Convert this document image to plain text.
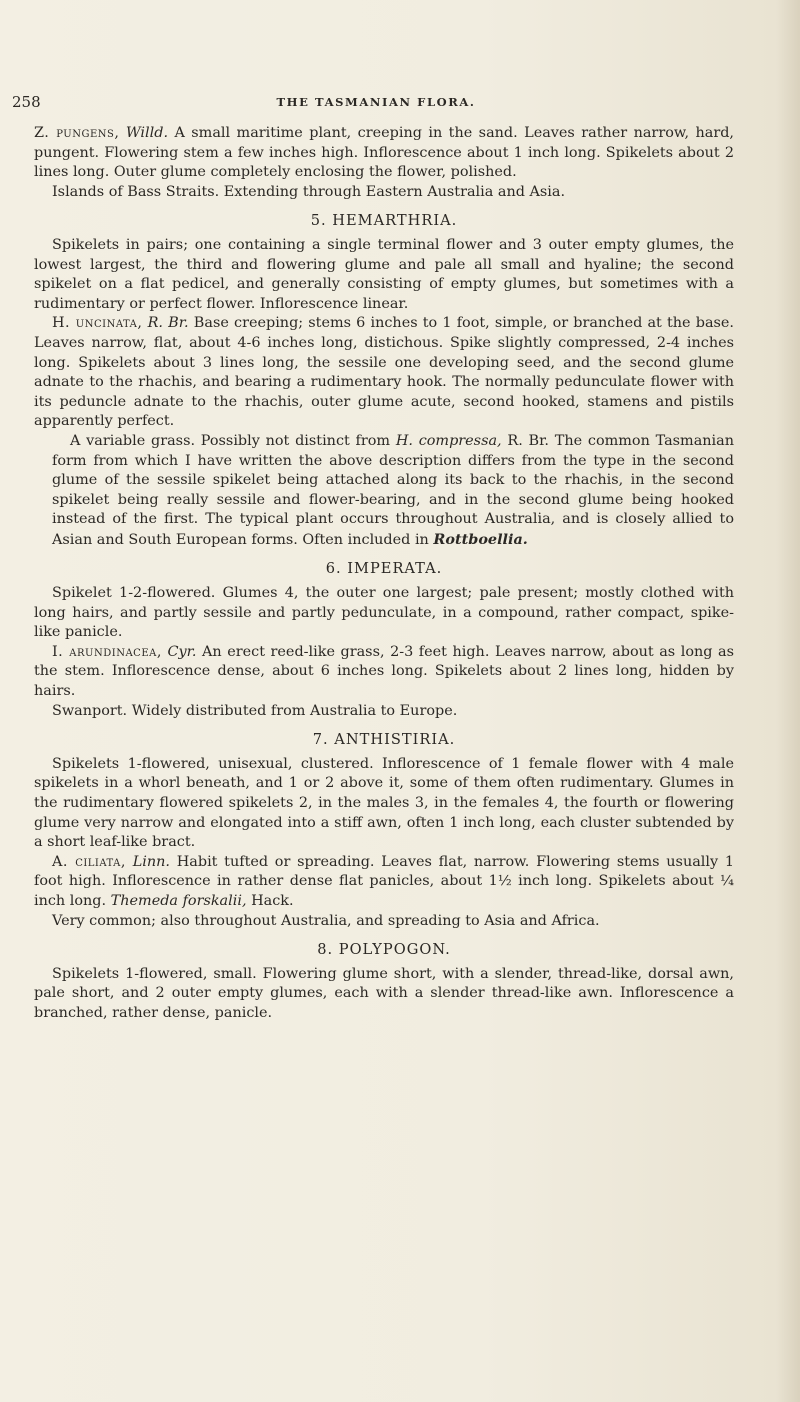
258	THE TASMANIAN FLORA.

Z. pungens, Willd. A small maritime plant, creeping in the sand. Leaves rather narrow, hard, pungent. Flowering stem a few inches high. Inflorescence about 1 inch long. Spikelets about 2 lines long. Outer glume completely enclosing the flower, polished.

Islands of Bass Straits. Extending through Eastern Australia and Asia.

5. HEMARTHRIA.

Spikelets in pairs; one containing a single terminal flower and 3 outer empty glumes, the lowest largest, the third and flowering glume and pale all small and hyaline; the second spikelet on a flat pedicel, and generally consisting of empty glumes, but sometimes with a rudimentary or perfect flower. Inflorescence linear.

H. uncinata, R. Br. Base creeping; stems 6 inches to 1 foot, simple, or branched at the base. Leaves narrow, flat, about 4-6 inches long, distichous. Spike slightly compressed, 2-4 inches long. Spikelets about 3 lines long, the sessile one developing seed, and the second glume adnate to the rhachis, and bearing a rudimentary hook. The normally pedunculate flower with its peduncle adnate to the rhachis, outer glume acute, second hooked, stamens and pistils apparently perfect.

A variable grass. Possibly not distinct from H. compressa, R. Br. The common Tasmanian form from which I have written the above description differs from the type in the second glume of the sessile spikelet being attached along its back to the rhachis, in the second spikelet being really sessile and flower-bearing, and in the second glume being hooked instead of the first. The typical plant occurs throughout Australia, and is closely allied to Asian and South European forms. Often included in Rottboellia.

6. IMPERATA.

Spikelet 1-2-flowered. Glumes 4, the outer one largest; pale present; mostly clothed with long hairs, and partly sessile and partly pedunculate, in a compound, rather compact, spike-like panicle.

I. arundinacea, Cyr. An erect reed-like grass, 2-3 feet high. Leaves narrow, about as long as the stem. Inflorescence dense, about 6 inches long. Spikelets about 2 lines long, hidden by hairs.

Swanport. Widely distributed from Australia to Europe.

7. ANTHISTIRIA.

Spikelets 1-flowered, unisexual, clustered. Inflorescence of 1 female flower with 4 male spikelets in a whorl beneath, and 1 or 2 above it, some of them often rudimentary. Glumes in the rudimentary flowered spikelets 2, in the males 3, in the females 4, the fourth or flowering glume very narrow and elongated into a stiff awn, often 1 inch long, each cluster subtended by a short leaf-like bract.

A. ciliata, Linn. Habit tufted or spreading. Leaves flat, narrow. Flowering stems usually 1 foot high. Inflorescence in rather dense flat panicles, about 1½ inch long. Spikelets about ¼ inch long. Themeda forskalii, Hack.

Very common; also throughout Australia, and spreading to Asia and Africa.

8. POLYPOGON.

Spikelets 1-flowered, small. Flowering glume short, with a slender, thread-like, dorsal awn, pale short, and 2 outer empty glumes, each with a slender thread-like awn. Inflorescence a branched, rather dense, panicle.
